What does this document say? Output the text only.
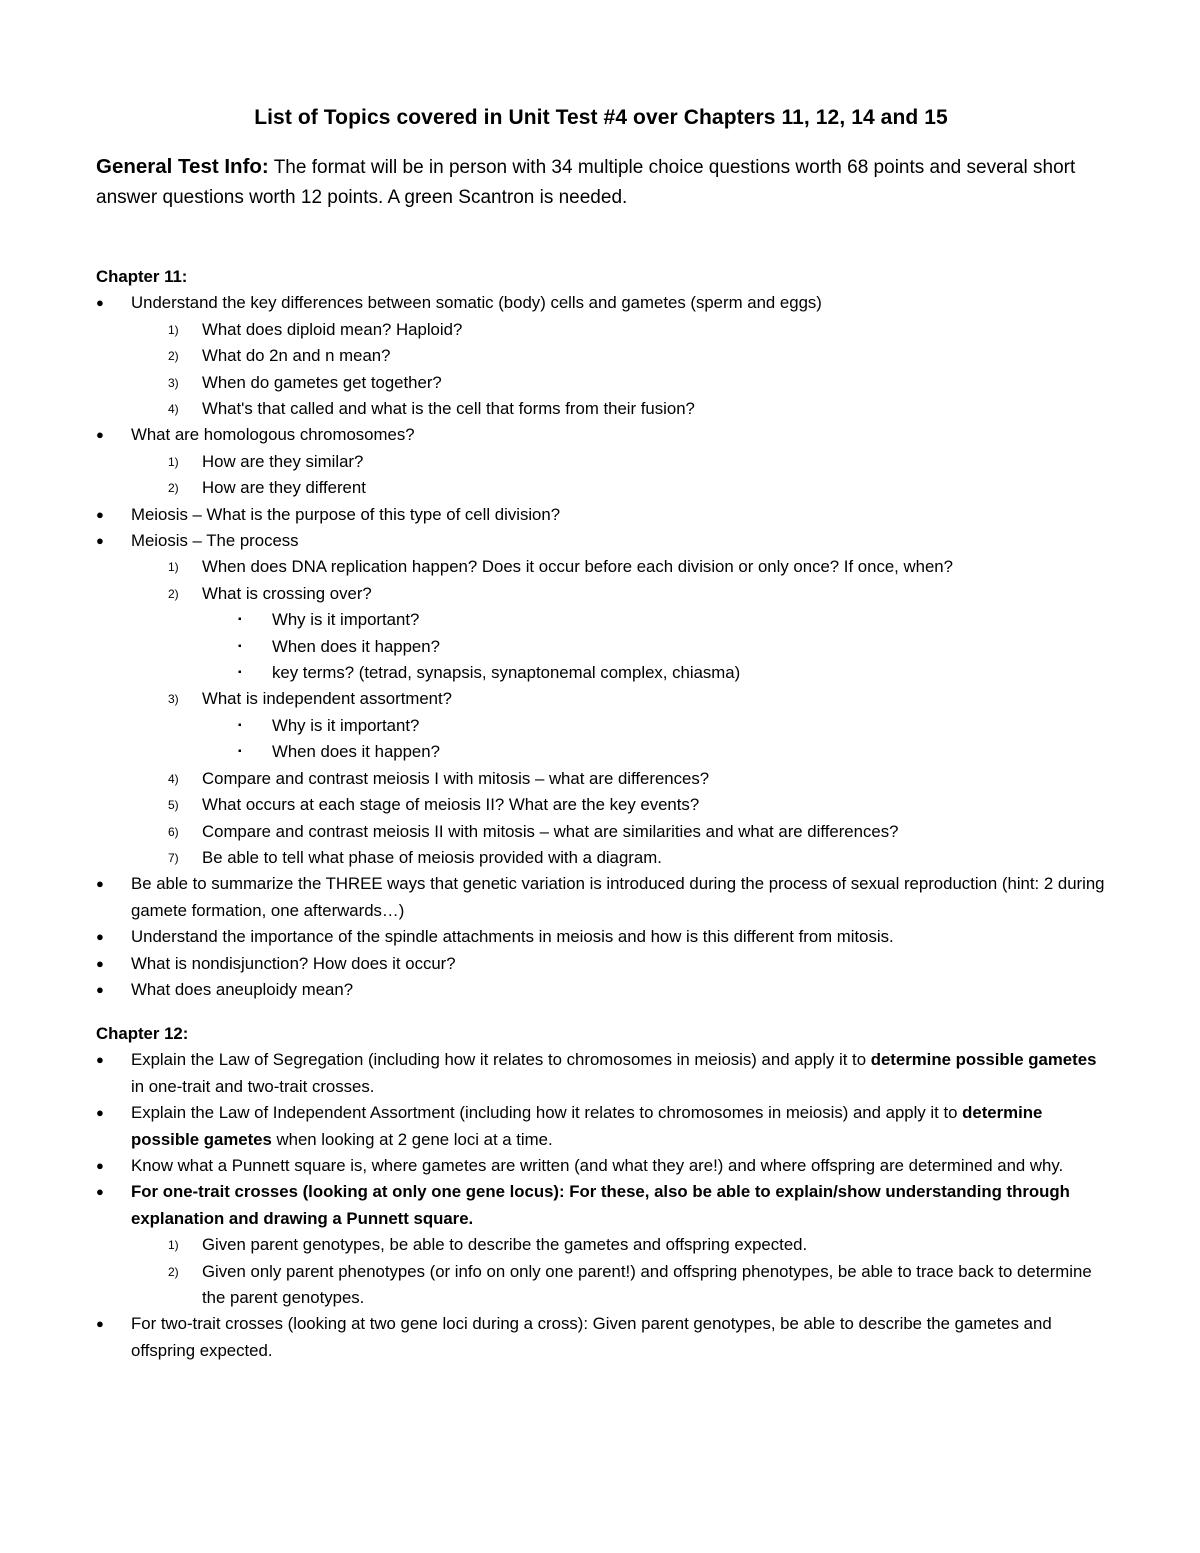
List of Topics covered in Unit Test #4 over Chapters 11, 12, 14 and 15
General Test Info: The format will be in person with 34 multiple choice questions worth 68 points and several short answer questions worth 12 points. A green Scantron is needed.
Chapter 11:
● Understand the key differences between somatic (body) cells and gametes (sperm and eggs)
1) What does diploid mean? Haploid?
2) What do 2n and n mean?
3) When do gametes get together?
4) What's that called and what is the cell that forms from their fusion?
● What are homologous chromosomes?
1) How are they similar?
2) How are they different
● Meiosis – What is the purpose of this type of cell division?
● Meiosis – The process
1) When does DNA replication happen? Does it occur before each division or only once? If once, when?
2) What is crossing over?
▪ Why is it important?
▪ When does it happen?
▪ key terms? (tetrad, synapsis, synaptonemal complex, chiasma)
3) What is independent assortment?
▪ Why is it important?
▪ When does it happen?
4) Compare and contrast meiosis I with mitosis – what are differences?
5) What occurs at each stage of meiosis II? What are the key events?
6) Compare and contrast meiosis II with mitosis – what are similarities and what are differences?
7) Be able to tell what phase of meiosis provided with a diagram.
● Be able to summarize the THREE ways that genetic variation is introduced during the process of sexual reproduction (hint: 2 during gamete formation, one afterwards…)
● Understand the importance of the spindle attachments in meiosis and how is this different from mitosis.
● What is nondisjunction? How does it occur?
● What does aneuploidy mean?
Chapter 12:
● Explain the Law of Segregation (including how it relates to chromosomes in meiosis) and apply it to determine possible gametes in one-trait and two-trait crosses.
● Explain the Law of Independent Assortment (including how it relates to chromosomes in meiosis) and apply it to determine possible gametes when looking at 2 gene loci at a time.
● Know what a Punnett square is, where gametes are written (and what they are!) and where offspring are determined and why.
● For one-trait crosses (looking at only one gene locus): For these, also be able to explain/show understanding through explanation and drawing a Punnett square.
1) Given parent genotypes, be able to describe the gametes and offspring expected.
2) Given only parent phenotypes (or info on only one parent!) and offspring phenotypes, be able to trace back to determine the parent genotypes.
● For two-trait crosses (looking at two gene loci during a cross): Given parent genotypes, be able to describe the gametes and offspring expected.
